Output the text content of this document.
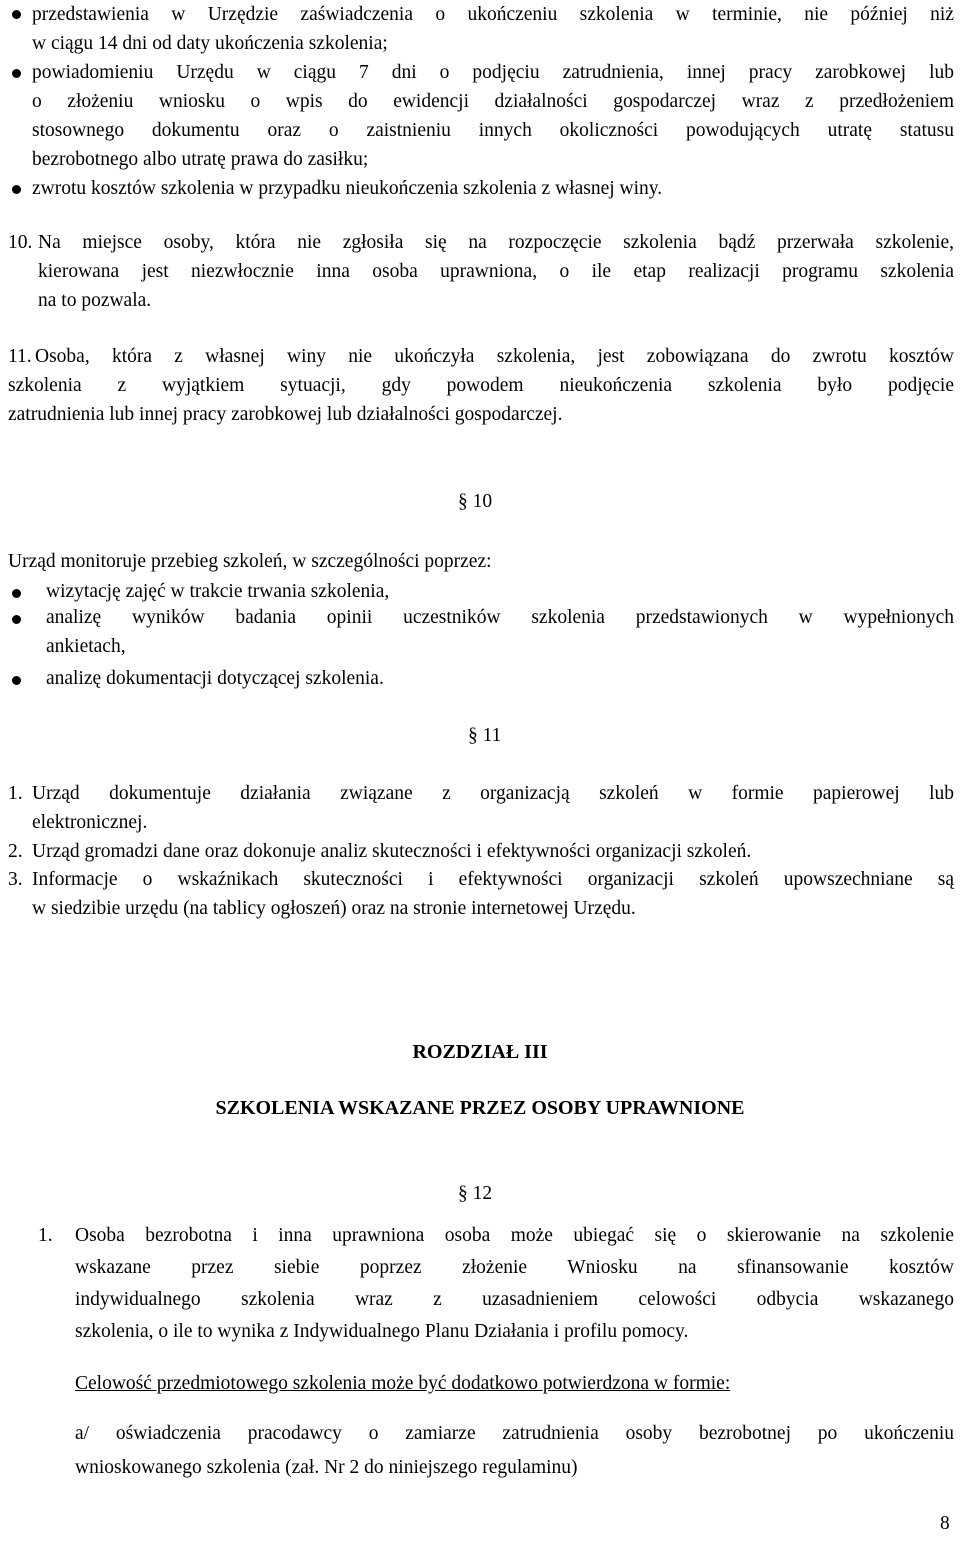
przedstawienia w Urzędzie zaświadczenia o ukończeniu szkolenia w terminie, nie później niż
w ciągu 14 dni od daty ukończenia szkolenia;
powiadomieniu Urzędu w ciągu 7 dni o podjęciu zatrudnienia, innej pracy zarobkowej lub
o złożeniu wniosku o wpis do ewidencji działalności gospodarczej wraz z przedłożeniem
stosownego dokumentu oraz o zaistnieniu innych okoliczności powodujących utratę statusu
bezrobotnego albo utratę prawa do zasiłku;
zwrotu kosztów szkolenia w przypadku nieukończenia szkolenia z własnej winy.
10. Na miejsce osoby, która nie zgłosiła się na rozpoczęcie szkolenia bądź przerwała szkolenie,
kierowana jest niezwłocznie inna osoba uprawniona, o ile etap realizacji programu szkolenia
na to pozwala.
11. Osoba, która z własnej winy nie ukończyła szkolenia, jest zobowiązana do zwrotu kosztów
szkolenia z wyjątkiem sytuacji, gdy powodem nieukończenia szkolenia było podjęcie
zatrudnienia lub innej pracy zarobkowej lub działalności gospodarczej.
§ 10
Urząd monitoruje przebieg szkoleń, w szczególności poprzez:
wizytację zajęć w trakcie trwania szkolenia,
analizę wyników badania opinii uczestników szkolenia przedstawionych w wypełnionych
ankietach,
analizę dokumentacji dotyczącej szkolenia.
§ 11
1. Urząd dokumentuje działania związane z organizacją szkoleń w formie papierowej lub
elektronicznej.
2. Urząd gromadzi dane oraz dokonuje analiz skuteczności i efektywności organizacji szkoleń.
3. Informacje o wskaźnikach skuteczności i efektywności organizacji szkoleń upowszechniane są
w siedzibie urzędu (na tablicy ogłoszeń) oraz na stronie internetowej Urzędu.
ROZDZIAŁ III
SZKOLENIA WSKAZANE PRZEZ OSOBY UPRAWNIONE
§ 12
1. Osoba bezrobotna i inna uprawniona osoba może ubiegać się o skierowanie na szkolenie
wskazane przez siebie poprzez złożenie Wniosku na sfinansowanie kosztów
indywidualnego szkolenia wraz z uzasadnieniem celowości odbycia wskazanego
szkolenia, o ile to wynika z Indywidualnego Planu Działania i profilu pomocy.
Celowość przedmiotowego szkolenia może być dodatkowo potwierdzona w formie:
a/ oświadczenia pracodawcy o zamiarze zatrudnienia osoby bezrobotnej po ukończeniu
wnioskowanego szkolenia (zał. Nr 2 do niniejszego regulaminu)
8
